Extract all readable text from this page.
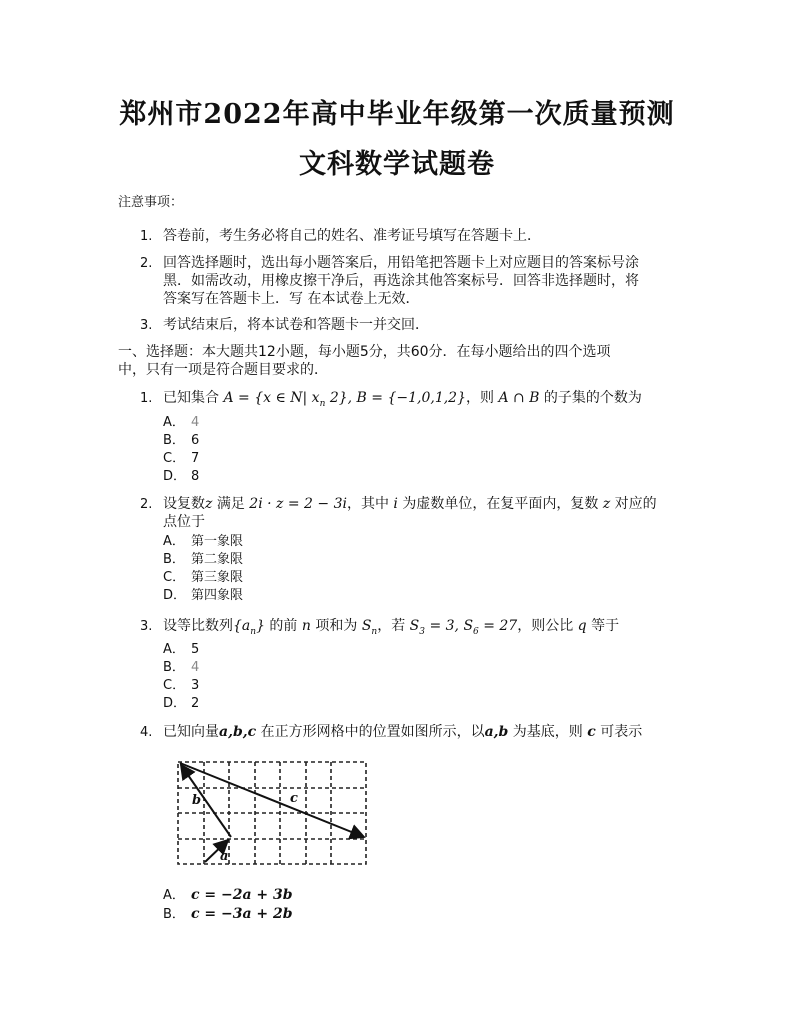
郑州市2022年高中毕业年级第一次质量预测
文科数学试题卷
注意事项：
1. 答卷前，考生务必将自己的姓名、准考证号填写在答题卡上．
2. 回答选择题时，选出每小题答案后，用铅笔把答题卡上对应题目的答案标号涂
黑．如需改动，用橡皮擦干净后，再选涂其他答案标号．回答非选择题时，将
答案写在答题卡上．写 在本试卷上无效．
3. 考试结束后，将本试卷和答题卡一并交回．
一、选择题：本大题共12小题，每小题5分，共60分．在每小题给出的四个选项
中，只有一项是符合题目要求的．
1. 已知集合 A = {x ∈ N| $x_n$ 2}, B = {−1,0,1,2}，则 A ∩ B 的子集的个数为
A． 4
B． 6
C． 7
D． 8
2. 设复数z 满足 2i · z = 2 − 3i，其中 i 为虚数单位，在复平面内，复数 z 对应的
点位于
A． 第一象限
B． 第二象限
C． 第三象限
D． 第四象限
3. 设等比数列$\{a_n\}$ 的前 n 项和为 $S_n$，若 $S_3 = 3$, $S_6 = 27$，则公比 q 等于
A． 5
B． 4
C． 3
D． 2
4. 已知向量a,b,c 在正方形网格中的位置如图所示，以a,b 为基底，则 c 可表示
b	c
a
A． c = −2a + 3b
B． c = −3a + 2b
